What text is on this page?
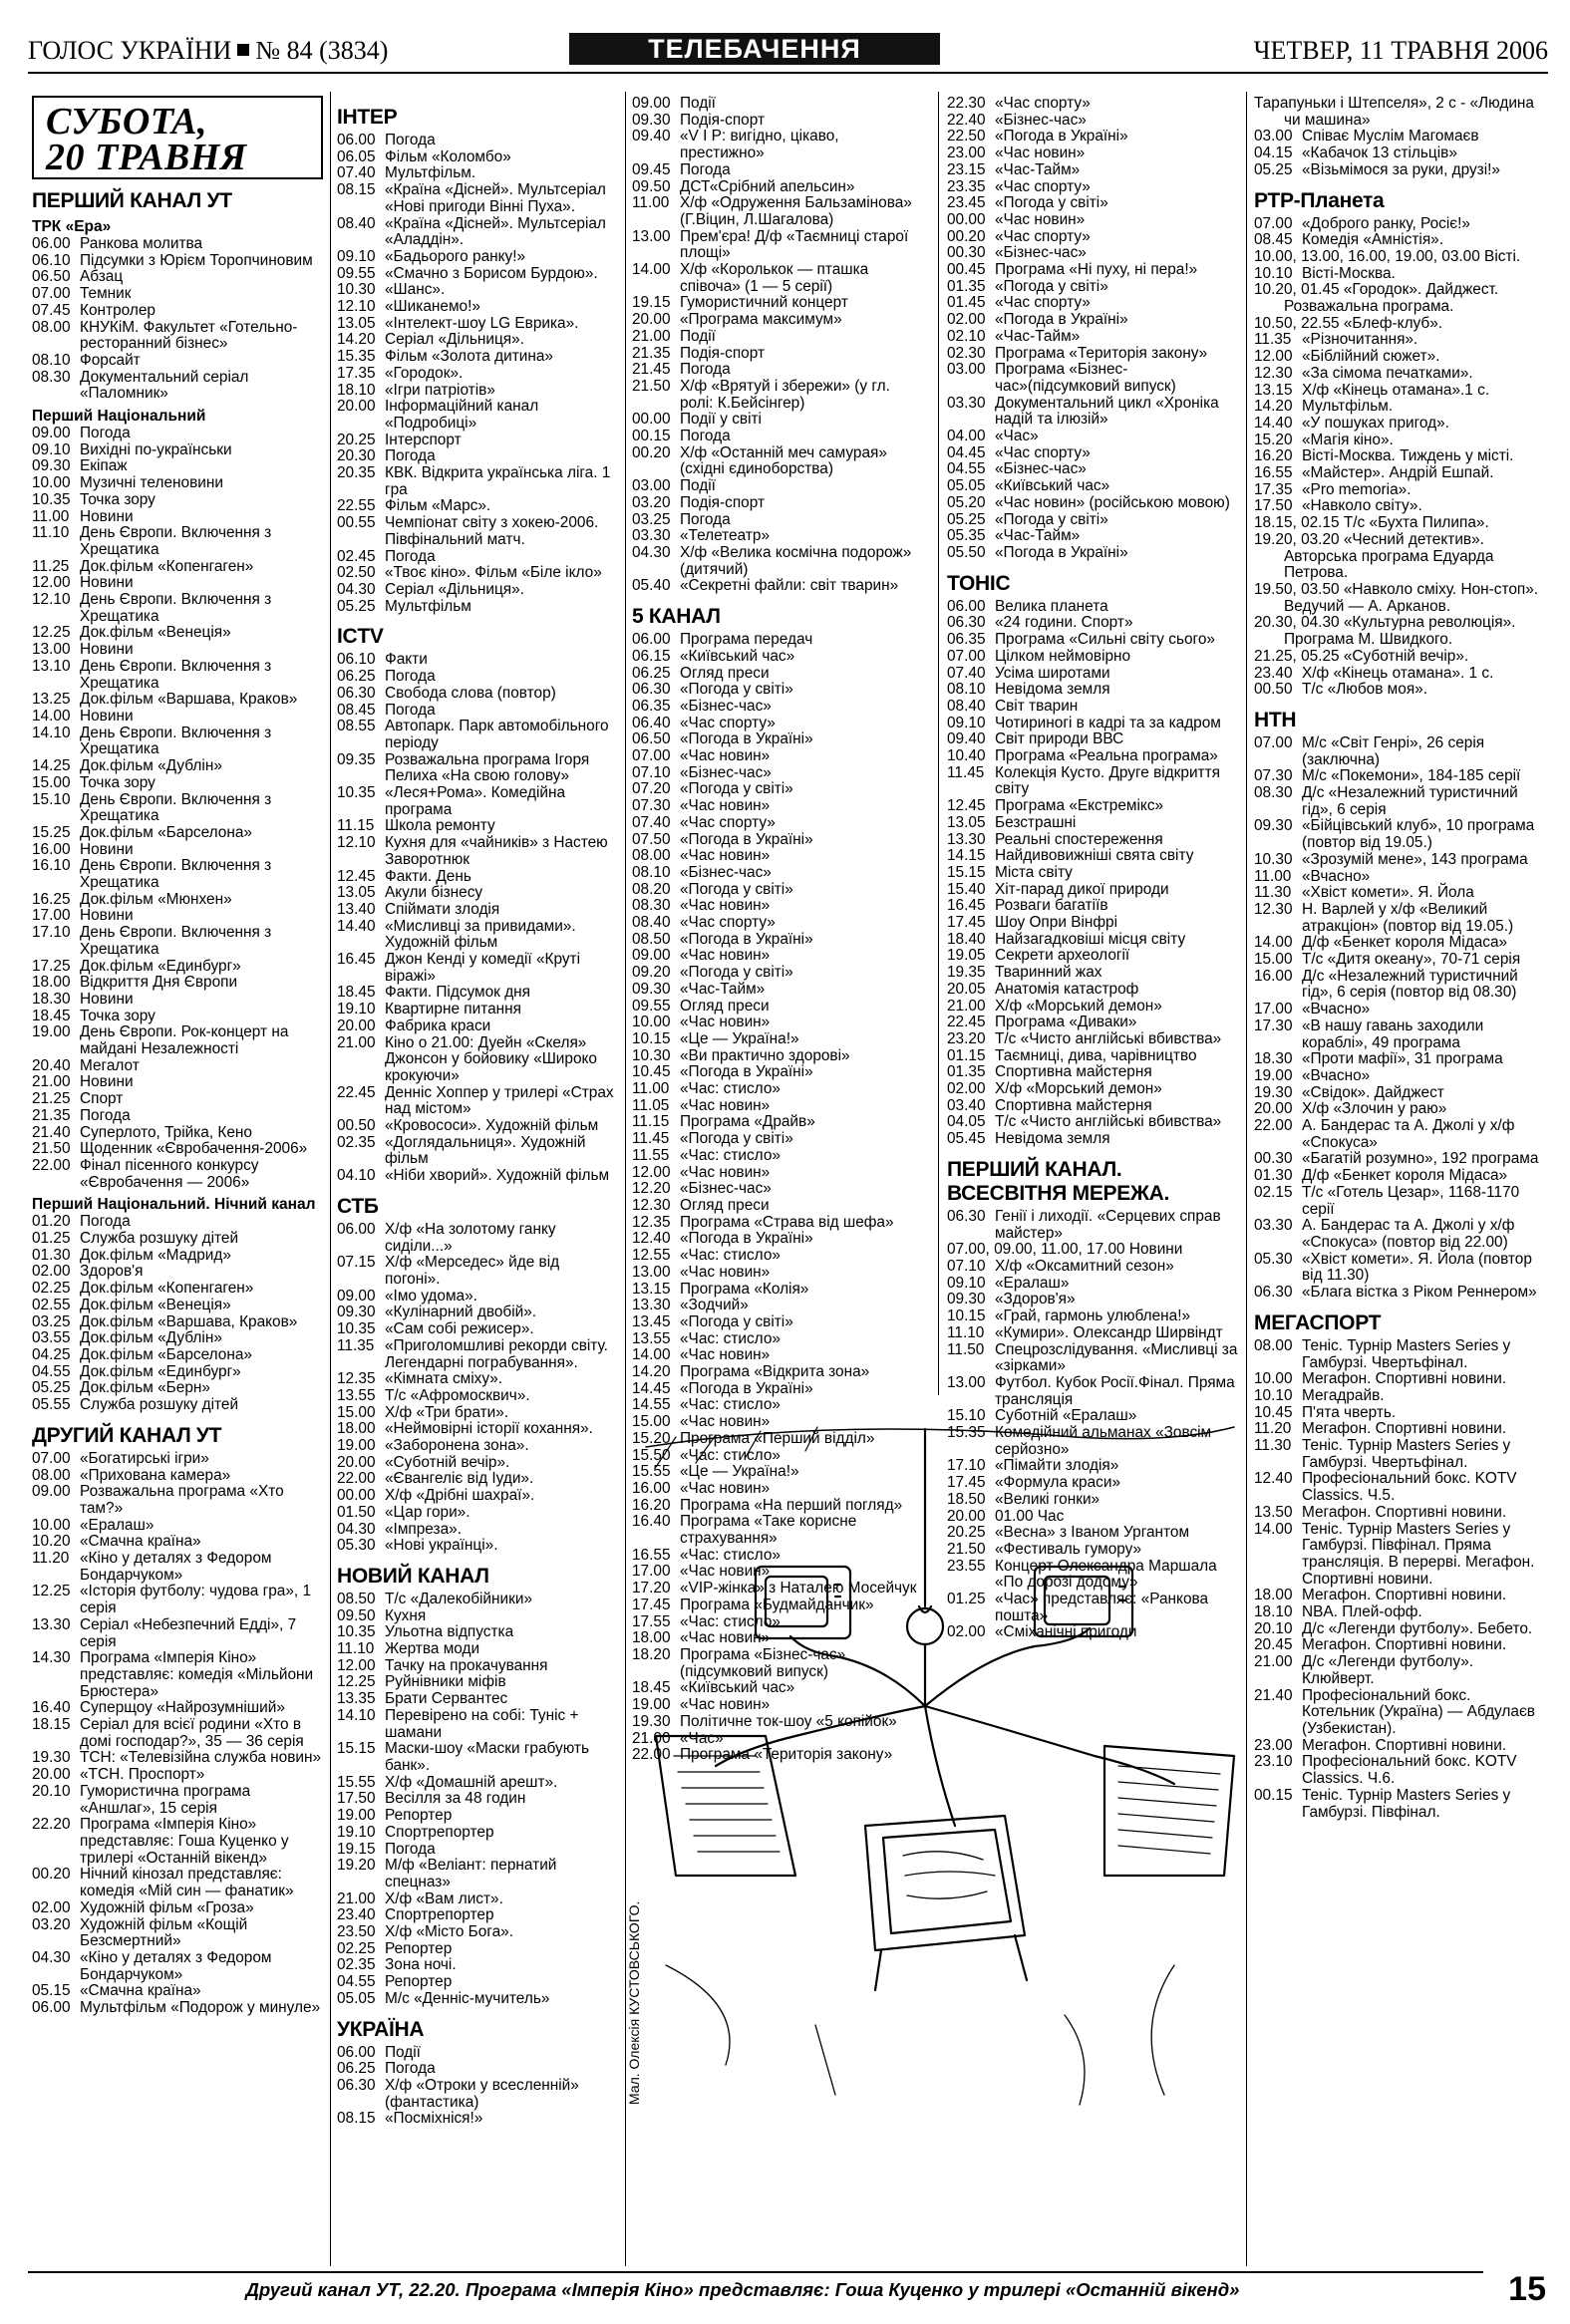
ГОЛОС УКРАЇНИ № 84 (3834)	ТЕЛЕБАЧЕННЯ	ЧЕТВЕР, 11 ТРАВНЯ 2006
СУБОТА,
20 ТРАВНЯ
ПЕРШИЙ КАНАЛ УТ
ТРК «Ера»
06.00 Ранкова молитва
06.10 Підсумки з Юрієм Торопчиновим
06.50 Абзац
07.00 Темник
07.45 Контролер
08.00 КНУКіМ. Факультет «Готельно-ресторанний бізнес»
08.10 Форсайт
08.30 Документальний серіал «Паломник»
Перший Національний
09.00 Погода
09.10 Вихідні по-українськи
09.30 Екіпаж
10.00 Музичні теленовини
10.35 Точка зору
11.00 Новини
11.10 День Європи. Включення з Хрещатика
11.25 Док.фільм «Копенгаген»
12.00 Новини
12.10 День Європи. Включення з Хрещатика
12.25 Док.фільм «Венеція»
13.00 Новини
13.10 День Європи. Включення з Хрещатика
13.25 Док.фільм «Варшава, Краков»
14.00 Новини
14.10 День Європи. Включення з Хрещатика
14.25 Док.фільм «Дублін»
15.00 Точка зору
15.10 День Європи. Включення з Хрещатика
15.25 Док.фільм «Барселона»
16.00 Новини
16.10 День Європи. Включення з Хрещатика
16.25 Док.фільм «Мюнхен»
17.00 Новини
17.10 День Європи. Включення з Хрещатика
17.25 Док.фільм «Единбург»
18.00 Відкриття Дня Європи
18.30 Новини
18.45 Точка зору
19.00 День Європи. Рок-концерт на майдані Незалежності
20.40 Мегалот
21.00 Новини
21.25 Спорт
21.35 Погода
21.40 Суперлото, Трійка, Кено
21.50 Щоденник «Євробачення-2006»
22.00 Фінал пісенного конкурсу «Євробачення — 2006»
Перший Національний. Нічний канал
01.20 Погода
01.25 Служба розшуку дітей
01.30 Док.фільм «Мадрид»
02.00 Здоров'я
02.25 Док.фільм «Копенгаген»
02.55 Док.фільм «Венеція»
03.25 Док.фільм «Варшава, Краков»
03.55 Док.фільм «Дублін»
04.25 Док.фільм «Барселона»
04.55 Док.фільм «Единбург»
05.25 Док.фільм «Берн»
05.55 Служба розшуку дітей
ДРУГИЙ КАНАЛ УТ
07.00 «Богатирські ігри»
08.00 «Прихована камера»
09.00 Розважальна програма «Хто там?»
10.00 «Ералаш»
10.20 «Смачна країна»
11.20 «Кіно у деталях з Федором Бондарчуком»
12.25 «Історія футболу: чудова гра», 1 серія
13.30 Серіал «Небезпечний Едді», 7 серія
14.30 Програма «Імперія Кіно» представляє: комедія «Мільйони Брюстера»
16.40 Суперщоу «Найрозумніший»
18.15 Серіал для всієї родини «Хто в домі господар?», 35 — 36 серія
19.30 ТСН: «Телевізійна служба новин»
20.00 «ТСН. Проспорт»
20.10 Гумористична програма «Аншлаг», 15 серія
22.20 Програма «Імперія Кіно» представляє: Гоша Куценко у трилері «Останній вікенд»
00.20 Нічний кінозал представляє: комедія «Мій син — фанатик»
02.00 Художній фільм «Гроза»
03.20 Художній фільм «Кощій Безсмертний»
04.30 «Кіно у деталях з Федором Бондарчуком»
05.15 «Смачна країна»
06.00 Мультфільм «Подорож у минуле»
ІНТЕР
06.00 Погода
06.05 Фільм «Коломбо»
07.40 Мультфільм.
08.15 «Країна «Дісней». Мультсеріал «Нові пригоди Вінні Пуха».
08.40 «Країна «Дісней». Мультсеріал «Аладдін».
09.10 «Бадьорого ранку!»
09.55 «Смачно з Борисом Бурдою».
10.30 «Шанс».
12.10 «Шиканемо!»
13.05 «Інтелект-шоу LG Еврика».
14.20 Серіал «Дільниця».
15.35 Фільм «Золота дитина»
17.35 «Городок».
18.10 «Ігри патріотів»
20.00 Інформаційний канал «Подробиці»
20.25 Інтерспорт
20.30 Погода
20.35 КВК. Відкрита українська ліга. 1 гра
22.55 Фільм «Марс».
00.55 Чемпіонат світу з хокею-2006. Півфінальний матч.
02.45 Погода
02.50 «Твоє кіно». Фільм «Біле ікло»
04.30 Серіал «Дільниця».
05.25 Мультфільм
ICTV
06.10 Факти
06.25 Погода
06.30 Свобода слова (повтор)
08.45 Погода
08.55 Автопарк. Парк автомобільного періоду
09.35 Розважальна програма Ігоря Пелиха «На свою голову»
10.35 «Леся+Рома». Комедійна програма
11.15 Школа ремонту
12.10 Кухня для «чайників» з Настею Заворотнюк
12.45 Факти. День
13.05 Акули бізнесу
13.40 Спіймати злодія
14.40 «Мисливці за привидами». Художній фільм
16.45 Джон Кенді у комедії «Круті віражі»
18.45 Факти. Підсумок дня
19.10 Квартирне питання
20.00 Фабрика краси
21.00 Кіно о 21.00: Дуейн «Скеля» Джонсон у бойовику «Широко крокуючи»
22.45 Денніс Хоппер у трилері «Страх над містом»
00.50 «Кровососи». Художній фільм
02.35 «Доглядальниця». Художній фільм
04.10 «Ніби хворий». Художній фільм
СТБ
06.00 Х/ф «На золотому ганку сиділи...»
07.15 Х/ф «Мерседес» йде від погоні».
09.00 «Імо удома».
09.30 «Кулінарний двобій».
10.35 «Сам собі режисер».
11.35 «Приголомшливі рекорди світу. Легендарні пограбування».
12.35 «Кімната сміху».
13.55 Т/с «Афромосквич».
15.00 Х/ф «Три брати».
18.00 «Неймовірні історії кохання».
19.00 «Заборонена зона».
20.00 «Суботній вечір».
22.00 «Євангеліє від Іуди».
00.00 Х/ф «Дрібні шахраї».
01.50 «Цар гори».
04.30 «Імпреза».
05.30 «Нові українці».
НОВИЙ КАНАЛ
08.50 Т/с «Далекобійники»
09.50 Кухня
10.35 Ульотна відпустка
11.10 Жертва моди
12.00 Тачку на прокачування
12.25 Руйнівники міфів
13.35 Брати Сервантес
14.10 Перевірено на собі: Туніс + шамани
15.15 Маски-шоу «Маски грабують банк».
15.55 Х/ф «Домашній арешт».
17.50 Весілля за 48 годин
19.00 Репортер
19.10 Спортрепортер
19.15 Погода
19.20 М/ф «Веліант: пернатий спецназ»
21.00 Х/ф «Вам лист».
23.40 Спортрепортер
23.50 Х/ф «Місто Бога».
02.25 Репортер
02.35 Зона ночі.
04.55 Репортер
05.05 М/с «Денніс-мучитель»
УКРАЇНА
06.00 Події
06.25 Погода
06.30 Х/ф «Отроки у всесленній» (фантастика)
08.15 «Посміхніся!»
09.00 Події
09.30 Подія-спорт
09.40 «V I P: вигідно, цікаво, престижно»
09.45 Погода
09.50 ДСТ«Срібний апельсин»
11.00 Х/ф «Одруження Бальзамінова» (Г.Віцин, Л.Шагалова)
13.00 Прем'єра! Д/ф «Таємниці старої площі»
14.00 Х/ф «Королькок — пташка співоча» (1 — 5 серії)
19.15 Гумористичний концерт
20.00 «Програма максимум»
21.00 Події
21.35 Подія-спорт
21.45 Погода
21.50 Х/ф «Врятуй і збережи» (у гл. ролі: К.Бейсінгер)
00.00 Події у світі
00.15 Погода
00.20 Х/ф «Останній меч самурая» (східні єдиноборства)
03.00 Події
03.20 Подія-спорт
03.25 Погода
03.30 «Телетеатр»
04.30 Х/ф «Велика космічна подорож» (дитячий)
05.40 «Секретні файли: світ тварин»
5 КАНАЛ
06.00 Програма передач
06.15 «Київський час»
06.25 Огляд преси
06.30 «Погода у світі»
06.35 «Бізнес-час»
06.40 «Час спорту»
06.50 «Погода в Україні»
07.00 «Час новин»
07.10 «Бізнес-час»
07.20 «Погода у світі»
07.30 «Час новин»
07.40 «Час спорту»
07.50 «Погода в Україні»
08.00 «Час новин»
08.10 «Бізнес-час»
08.20 «Погода у світі»
08.30 «Час новин»
08.40 «Час спорту»
08.50 «Погода в Україні»
09.00 «Час новин»
09.20 «Погода у світі»
09.30 «Час-Тайм»
09.55 Огляд преси
10.00 «Час новин»
10.15 «Це — Україна!»
10.30 «Ви практично здорові»
10.45 «Погода в Україні»
11.00 «Час: стисло»
11.05 «Час новин»
11.15 Програма «Драйв»
11.45 «Погода у світі»
11.55 «Час: стисло»
12.00 «Час новин»
12.20 «Бізнес-час»
12.30 Огляд преси
12.35 Програма «Страва від шефа»
12.40 «Погода в Україні»
12.55 «Час: стисло»
13.00 «Час новин»
13.15 Програма «Колія»
13.30 «Зодчий»
13.45 «Погода у світі»
13.55 «Час: стисло»
14.00 «Час новин»
14.20 Програма «Відкрита зона»
14.45 «Погода в Україні»
14.55 «Час: стисло»
15.00 «Час новин»
15.20 Програма «Перший відділ»
15.50 «Час: стисло»
15.55 «Це — Україна!»
16.00 «Час новин»
16.20 Програма «На перший погляд»
16.40 Програма «Таке корисне страхування»
16.55 «Час: стисло»
17.00 «Час новин»
17.20 «VIP-жінка» з Наталею Мосейчук
17.45 Програма «Будмайданчик»
17.55 «Час: стисло»
18.00 «Час новин»
18.20 Програма «Бізнес-час» (підсумковий випуск)
18.45 «Київський час»
19.00 «Час новин»
19.30 Політичне ток-шоу «5 копійок»
21.00 «Час»
22.00 Програма «Територія закону»
22.30 «Час спорту»
22.40 «Бізнес-час»
22.50 «Погода в Україні»
23.00 «Час новин»
23.15 «Час-Тайм»
23.35 «Час спорту»
23.45 «Погода у світі»
00.00 «Час новин»
00.20 «Час спорту»
00.30 «Бізнес-час»
00.45 Програма «Ні пуху, ні пера!»
01.35 «Погода у світі»
01.45 «Час спорту»
02.00 «Погода в Україні»
02.10 «Час-Тайм»
02.30 Програма «Територія закону»
03.00 Програма «Бізнес-час»(підсумковий випуск)
03.30 Документальний цикл «Хроніка надій та ілюзій»
04.00 «Час»
04.45 «Час спорту»
04.55 «Бізнес-час»
05.05 «Київський час»
05.20 «Час новин» (російською мовою)
05.25 «Погода у світі»
05.35 «Час-Тайм»
05.50 «Погода в Україні»
ТОНІС
06.00 Велика планета
06.30 «24 години. Спорт»
06.35 Програма «Сильні світу сього»
07.00 Цілком неймовірно
07.40 Усіма широтами
08.10 Невідома земля
08.40 Світ тварин
09.10 Чотириногі в кадрі та за кадром
09.40 Світ природи ВВС
10.40 Програма «Реальна програма»
11.45 Колекція Кусто. Друге відкриття світу
12.45 Програма «Екстремікс»
13.05 Безстрашні
13.30 Реальні спостереження
14.15 Найдивовижніші свята світу
15.15 Міста світу
15.40 Хіт-парад дикої природи
16.45 Розваги багатіїв
17.45 Шоу Опри Вінфрі
18.40 Найзагадковіші місця світу
19.05 Секрети археології
19.35 Тваринний жах
20.05 Анатомія катастроф
21.00 Х/ф «Морський демон»
22.45 Програма «Диваки»
23.20 Т/с «Чисто англійські вбивства»
01.15 Таємниці, дива, чарівництво
01.35 Спортивна майстерня
02.00 Х/ф «Морський демон»
03.40 Спортивна майстерня
04.05 Т/с «Чисто англійські вбивства»
05.45 Невідома земля
ПЕРШИЙ КАНАЛ. ВСЕСВІТНЯ МЕРЕЖА.
06.30 Генії і лиходії. «Серцевих справ майстер»
07.00, 09.00, 11.00, 17.00 Новини
07.10 Х/ф «Оксамитний сезон»
09.10 «Ералаш»
09.30 «Здоров'я»
10.15 «Грай, гармонь улюблена!»
11.10 «Кумири». Олександр Ширвіндт
11.50 Спецрозслідування. «Мисливці за «зірками»
13.00 Футбол. Кубок Росії.Фінал. Пряма трансляція
15.10 Суботній «Ералаш»
15.35 Комедійний альманах «Зовсім серйозно»
17.10 «Пімайти злодія»
17.45 «Формула краси»
18.50 «Великі гонки»
20.00 01.00 Час
20.25 «Весна» з Іваном Ургантом
21.50 «Фестиваль гумору»
23.55 Концерт Олександра Маршала «По дорозі додому»
01.25 «Час» представляє: «Ранкова пошта»
02.00 «Сміханічні пригоди
Тарапуньки і Штепселя», 2 с - «Людина чи машина»
03.00 Співає Муслім Магомаєв
04.15 «Кабачок 13 стільців»
05.25 «Візьмімося за руки, друзі!»
РТР-Планета
07.00 «Доброго ранку, Росіє!»
08.45 Комедія «Амністія».
10.00, 13.00, 16.00, 19.00, 03.00 Вісті.
10.10 Вісті-Москва.
10.20, 01.45 «Городок». Дайджест. Розважальна програма.
10.50, 22.55 «Блеф-клуб».
11.35 «Різночитання».
12.00 «Біблійний сюжет».
12.30 «За сімома печатками».
13.15 Х/ф «Кінець отамана».1 с.
14.20 Мультфільм.
14.40 «У пошуках пригод».
15.20 «Магія кіно».
16.20 Вісті-Москва. Тиждень у місті.
16.55 «Майстер». Андрій Ешпай.
17.35 «Pro memoria».
17.50 «Навколо світу».
18.15, 02.15 Т/с «Бухта Пилипа».
19.20, 03.20 «Чесний детектив». Авторська програма Едуарда Петрова.
19.50, 03.50 «Навколо сміху. Нон-стоп». Ведучий — А. Арканов.
20.30, 04.30 «Культурна революція». Програма М. Швидкого.
21.25, 05.25 «Суботній вечір».
23.40 Х/ф «Кінець отамана». 1 с.
00.50 Т/с «Любов моя».
НТН
07.00 М/с «Світ Генрі», 26 серія (заключна)
07.30 М/с «Покемони», 184-185 серії
08.30 Д/с «Незалежний туристичний гід», 6 серія
09.30 «Бійцівський клуб», 10 програма (повтор від 19.05.)
10.30 «Зрозумій мене», 143 програма
11.00 «Вчасно»
11.30 «Хвіст комети». Я. Йола
12.30 Н. Варлей у х/ф «Великий атракціон» (повтор від 19.05.)
14.00 Д/ф «Бенкет короля Мідаса»
15.00 Т/с «Дитя океану», 70-71 серія
16.00 Д/с «Незалежний туристичний гід», 6 серія (повтор від 08.30)
17.00 «Вчасно»
17.30 «В нашу гавань заходили кораблі», 49 програма
18.30 «Проти мафії», 31 програма
19.00 «Вчасно»
19.30 «Свідок». Дайджест
20.00 Х/ф «Злочин у раю»
22.00 А. Бандерас та А. Джолі у х/ф «Спокуса»
00.30 «Багатій розумно», 192 програма
01.30 Д/ф «Бенкет короля Мідаса»
02.15 Т/с «Готель Цезар», 1168-1170 серії
03.30 А. Бандерас та А. Джолі у х/ф «Спокуса» (повтор від 22.00)
05.30 «Хвіст комети». Я. Йола (повтор від 11.30)
06.30 «Блага вістка з Ріком Реннером»
МЕГАСПОРТ
08.00 Теніс. Турнір Masters Series у Гамбурзі. Чвертьфінал.
10.00 Мегафон. Спортивні новини.
10.10 Мегадрайв.
10.45 П'ята чверть.
11.20 Мегафон. Спортивні новини.
11.30 Теніс. Турнір Masters Series у Гамбурзі. Чвертьфінал.
12.40 Професіональний бокс. KOTV Classics. Ч.5.
13.50 Мегафон. Спортивні новини.
14.00 Теніс. Турнір Masters Series у Гамбурзі. Півфінал. Пряма трансляція. В перерві. Мегафон. Спортивні новини.
18.00 Мегафон. Спортивні новини.
18.10 NBA. Плей-офф.
20.10 Д/с «Легенди футболу». Бебето.
20.45 Мегафон. Спортивні новини.
21.00 Д/с «Легенди футболу». Клюйверт.
21.40 Професіональний бокс. Котельник (Україна) — Абдулаєв (Узбекистан).
23.00 Мегафон. Спортивні новини.
23.10 Професіональний бокс. KOTV Classics. Ч.6.
00.15 Теніс. Турнір Masters Series у Гамбурзі. Півфінал.
Мал. Олексія КУСТОВСЬКОГО.
Другий канал УТ, 22.20. Програма «Імперія Кіно» представляє: Гоша Куценко у трилері «Останній вікенд»	15
